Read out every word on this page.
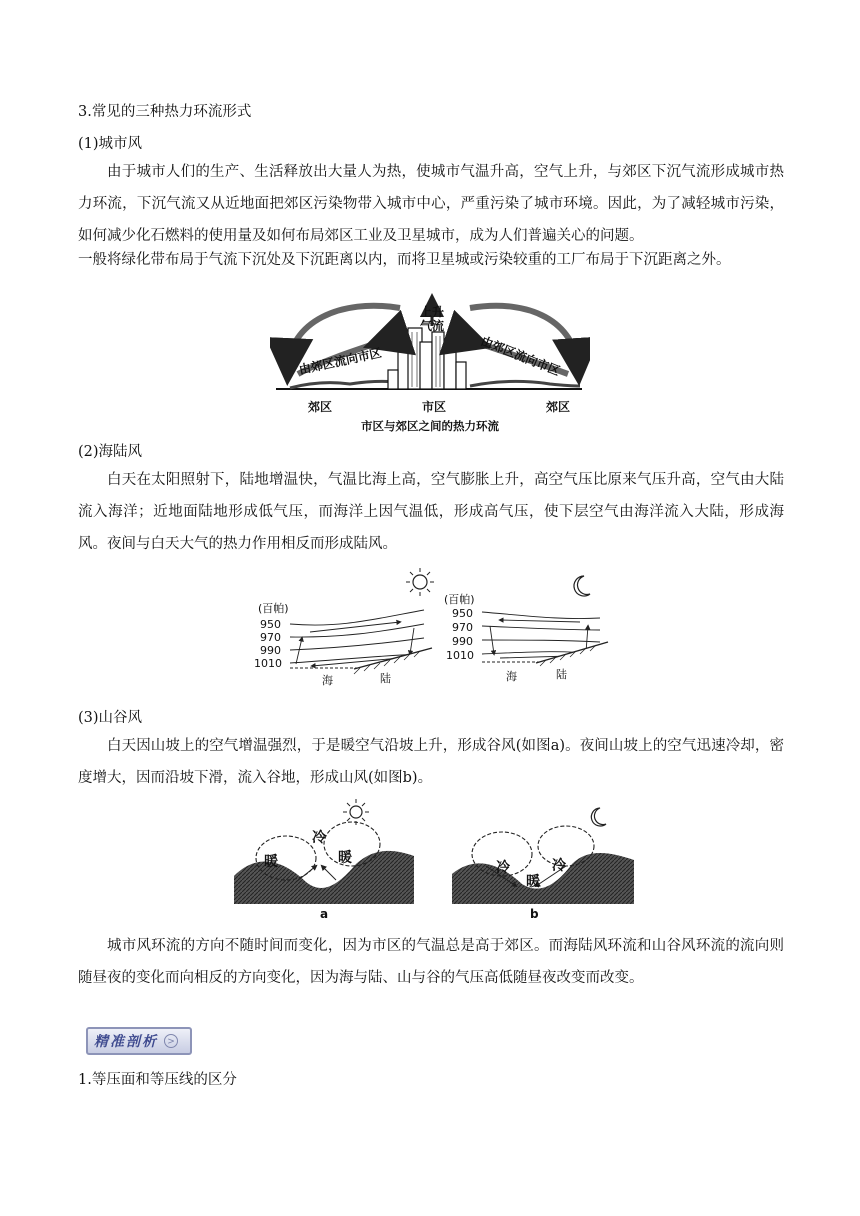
3.常见的三种热力环流形式
(1)城市风
由于城市人们的生产、生活释放出大量人为热，使城市气温升高，空气上升，与郊区下沉气流形成城市热力环流，下沉气流又从近地面把郊区污染物带入城市中心，严重污染了城市环境。因此，为了减轻城市污染，如何减少化石燃料的使用量及如何布局郊区工业及卫星城市，成为人们普遍关心的问题。
一般将绿化带布局于气流下沉处及下沉距离以内，而将卫星城或污染较重的工厂布局于下沉距离之外。
上升
气流
由郊区流向市区	由郊区流向市区
郊区	市区	郊区
市区与郊区之间的热力环流
(2)海陆风
白天在太阳照射下，陆地增温快，气温比海上高，空气膨胀上升，高空气压比原来气压升高，空气由大陆流入海洋；近地面陆地形成低气压，而海洋上因气温低，形成高气压，使下层空气由海洋流入大陆，形成海风。夜间与白天大气的热力作用相反而形成陆风。
(百帕)
950
970
990
1010
海	陆
(百帕)
950
970
990
1010
海	陆
(3)山谷风
白天因山坡上的空气增温强烈，于是暖空气沿坡上升，形成谷风(如图a)。夜间山坡上的空气迅速冷却，密度增大，因而沿坡下滑，流入谷地，形成山风(如图b)。
暖
冷
暖
a
冷
暖
冷
b
城市风环流的方向不随时间而变化，因为市区的气温总是高于郊区。而海陆风环流和山谷风环流的流向则随昼夜的变化而向相反的方向变化，因为海与陆、山与谷的气压高低随昼夜改变而改变。
精准剖析	>
1.等压面和等压线的区分
